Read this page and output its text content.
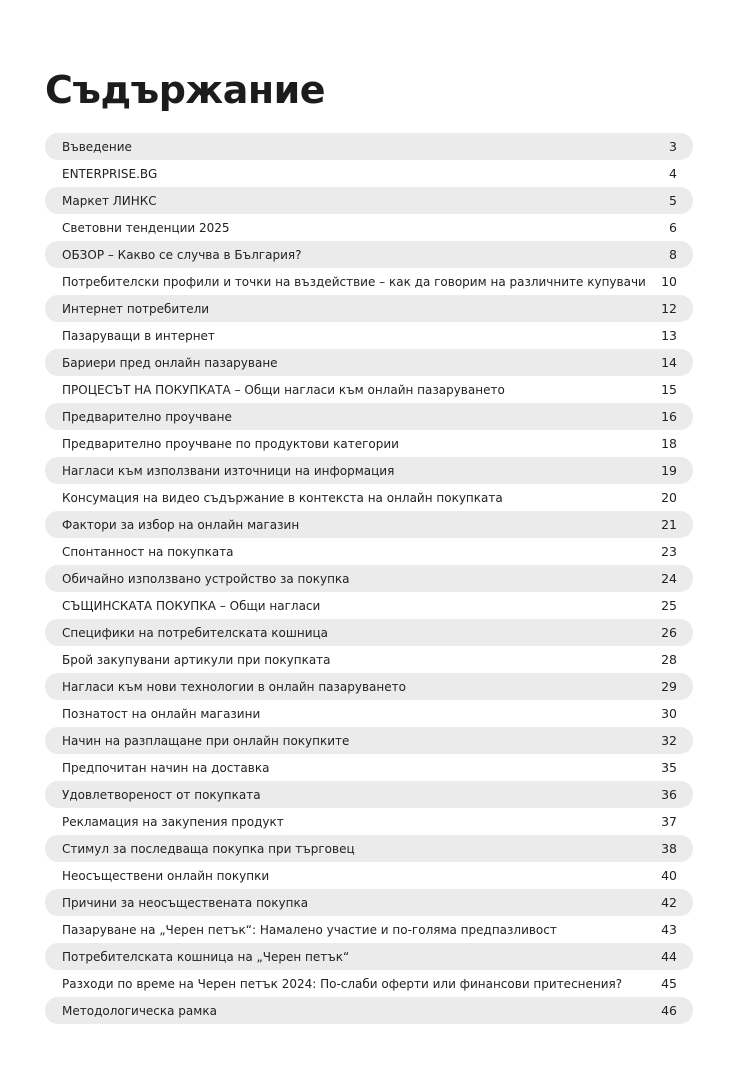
Съдържание
Въведение	3
ENTERPRISE.BG	4
Маркет ЛИНКС	5
Световни тенденции 2025	6
ОБЗОР – Какво се случва в България?	8
Потребителски профили и точки на въздействие – как да говорим на различните купувачи	10
Интернет потребители	12
Пазаруващи в интернет	13
Бариери пред онлайн пазаруване	14
ПРОЦЕСЪТ НА ПОКУПКАТА – Общи нагласи към онлайн пазаруването	15
Предварително проучване	16
Предварително проучване по продуктови категории	18
Нагласи към използвани източници на информация	19
Консумация на видео съдържание в контекста на онлайн покупката	20
Фактори за избор на онлайн магазин	21
Спонтанност на покупката	23
Обичайно използвано устройство за покупка	24
СЪЩИНСКАТА ПОКУПКА – Общи нагласи	25
Специфики на потребителската кошница	26
Брой закупувани артикули при покупката	28
Нагласи към нови технологии в онлайн пазаруването	29
Познатост на онлайн магазини	30
Начин на разплащане при онлайн покупките	32
Предпочитан начин на доставка	35
Удовлетвореност от покупката	36
Рекламация на закупения продукт	37
Стимул за последваща покупка при търговец	38
Неосъществени онлайн покупки	40
Причини за неосъществената покупка	42
Пазаруване на „Черен петък“: Намалено участие и по-голяма предпазливост	43
Потребителската кошница на „Черен петък“	44
Разходи по време на Черен петък 2024: По-слаби оферти или финансови притеснения?	45
Методологическа рамка	46
